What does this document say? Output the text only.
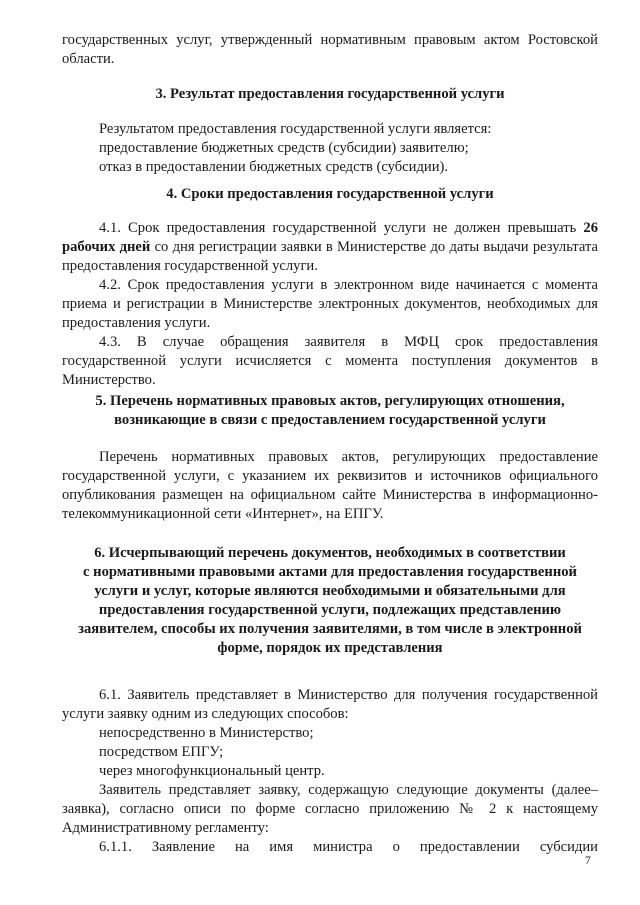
государственных услуг, утвержденный нормативным правовым актом Ростовской области.

3. Результат предоставления государственной услуги

Результатом предоставления государственной услуги является:
предоставление бюджетных средств (субсидии) заявителю;
отказ в предоставлении бюджетных средств (субсидии).

4. Сроки предоставления государственной услуги

4.1. Срок предоставления государственной услуги не должен превышать 26 рабочих дней со дня регистрации заявки в Министерстве до даты выдачи результата предоставления государственной услуги.

4.2. Срок предоставления услуги в электронном виде начинается с момента приема и регистрации в Министерстве электронных документов, необходимых для предоставления услуги.

4.3. В случае обращения заявителя в МФЦ срок предоставления государственной услуги исчисляется с момента поступления документов в Министерство.

5. Перечень нормативных правовых актов, регулирующих отношения,
возникающие в связи с предоставлением государственной услуги

Перечень нормативных правовых актов, регулирующих предоставление государственной услуги, с указанием их реквизитов и источников официального опубликования размещен на официальном сайте Министерства в информационно-телекоммуникационной сети «Интернет», на ЕПГУ.

6. Исчерпывающий перечень документов, необходимых в соответствии
с нормативными правовыми актами для предоставления государственной
услуги и услуг, которые являются необходимыми и обязательными для
предоставления государственной услуги, подлежащих представлению
заявителем, способы их получения заявителями, в том числе в электронной
форме, порядок их представления

6.1. Заявитель представляет в Министерство для получения государственной услуги заявку одним из следующих способов:

непосредственно в Министерство;
посредством ЕПГУ;
через многофункциональный центр.

Заявитель представляет заявку, содержащую следующие документы (далее– заявка), согласно описи по форме согласно приложению № 2 к настоящему Административному регламенту:

6.1.1. Заявление на имя министра о предоставлении субсидии

7
